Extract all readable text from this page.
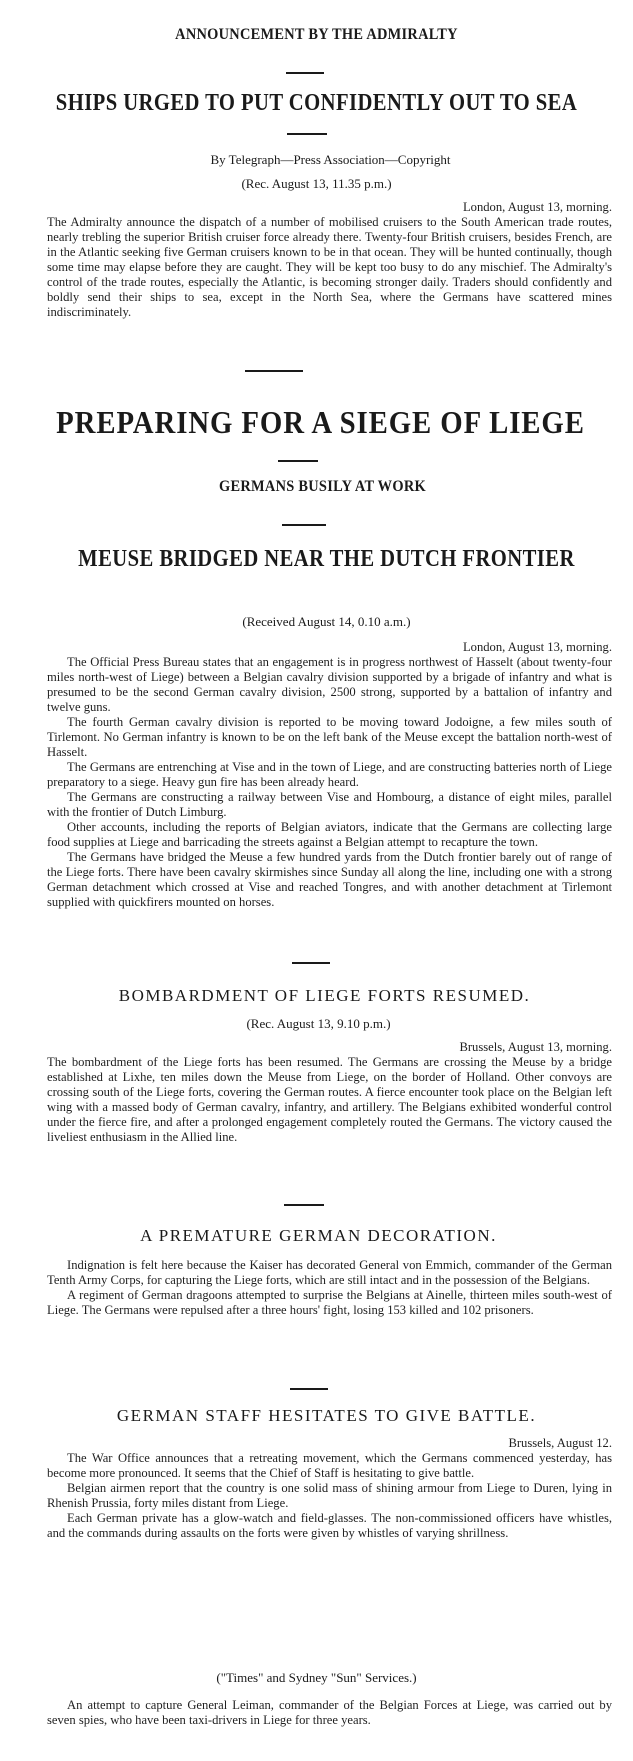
ANNOUNCEMENT BY THE ADMIRALTY
SHIPS URGED TO PUT CONFIDENTLY OUT TO SEA
By Telegraph—Press Association—Copyright
(Rec. August 13, 11.35 p.m.)
London, August 13, morning.
The Admiralty announce the dispatch of a number of mobilised cruisers to the South American trade routes, nearly trebling the superior British cruiser force already there. Twenty-four British cruisers, besides French, are in the Atlantic seeking five German cruisers known to be in that ocean. They will be hunted continually, though some time may elapse before they are caught. They will be kept too busy to do any mischief. The Admiralty's control of the trade routes, especially the Atlantic, is becoming stronger daily. Traders should confidently and boldly send their ships to sea, except in the North Sea, where the Germans have scattered mines indiscriminately.
PREPARING FOR A SIEGE OF LIEGE
GERMANS BUSILY AT WORK
MEUSE BRIDGED NEAR THE DUTCH FRONTIER
(Received August 14, 0.10 a.m.)
London, August 13, morning.
The Official Press Bureau states that an engagement is in progress northwest of Hasselt (about twenty-four miles north-west of Liege) between a Belgian cavalry division supported by a brigade of infantry and what is presumed to be the second German cavalry division, 2500 strong, supported by a battalion of infantry and twelve guns.
The fourth German cavalry division is reported to be moving toward Jodoigne, a few miles south of Tirlemont. No German infantry is known to be on the left bank of the Meuse except the battalion north-west of Hasselt.
The Germans are entrenching at Vise and in the town of Liege, and are constructing batteries north of Liege preparatory to a siege. Heavy gun fire has been already heard.
The Germans are constructing a railway between Vise and Hombourg, a distance of eight miles, parallel with the frontier of Dutch Limburg.
Other accounts, including the reports of Belgian aviators, indicate that the Germans are collecting large food supplies at Liege and barricading the streets against a Belgian attempt to recapture the town.
The Germans have bridged the Meuse a few hundred yards from the Dutch frontier barely out of range of the Liege forts. There have been cavalry skirmishes since Sunday all along the line, including one with a strong German detachment which crossed at Vise and reached Tongres, and with another detachment at Tirlemont supplied with quickfirers mounted on horses.
BOMBARDMENT OF LIEGE FORTS RESUMED.
(Rec. August 13, 9.10 p.m.)
Brussels, August 13, morning.
The bombardment of the Liege forts has been resumed. The Germans are crossing the Meuse by a bridge established at Lixhe, ten miles down the Meuse from Liege, on the border of Holland. Other convoys are crossing south of the Liege forts, covering the German routes. A fierce encounter took place on the Belgian left wing with a massed body of German cavalry, infantry, and artillery. The Belgians exhibited wonderful control under the fierce fire, and after a prolonged engagement completely routed the Germans. The victory caused the liveliest enthusiasm in the Allied line.
A PREMATURE GERMAN DECORATION.
Indignation is felt here because the Kaiser has decorated General von Emmich, commander of the German Tenth Army Corps, for capturing the Liege forts, which are still intact and in the possession of the Belgians.
A regiment of German dragoons attempted to surprise the Belgians at Ainelle, thirteen miles south-west of Liege. The Germans were repulsed after a three hours' fight, losing 153 killed and 102 prisoners.
GERMAN STAFF HESITATES TO GIVE BATTLE.
Brussels, August 12.
The War Office announces that a retreating movement, which the Germans commenced yesterday, has become more pronounced. It seems that the Chief of Staff is hesitating to give battle.
Belgian airmen report that the country is one solid mass of shining armour from Liege to Duren, lying in Rhenish Prussia, forty miles distant from Liege.
Each German private has a glow-watch and field-glasses. The non-commissioned officers have whistles, and the commands during assaults on the forts were given by whistles of varying shrillness.
("Times" and Sydney "Sun" Services.)
An attempt to capture General Leiman, commander of the Belgian Forces at Liege, was carried out by seven spies, who have been taxi-drivers in Liege for three years.
